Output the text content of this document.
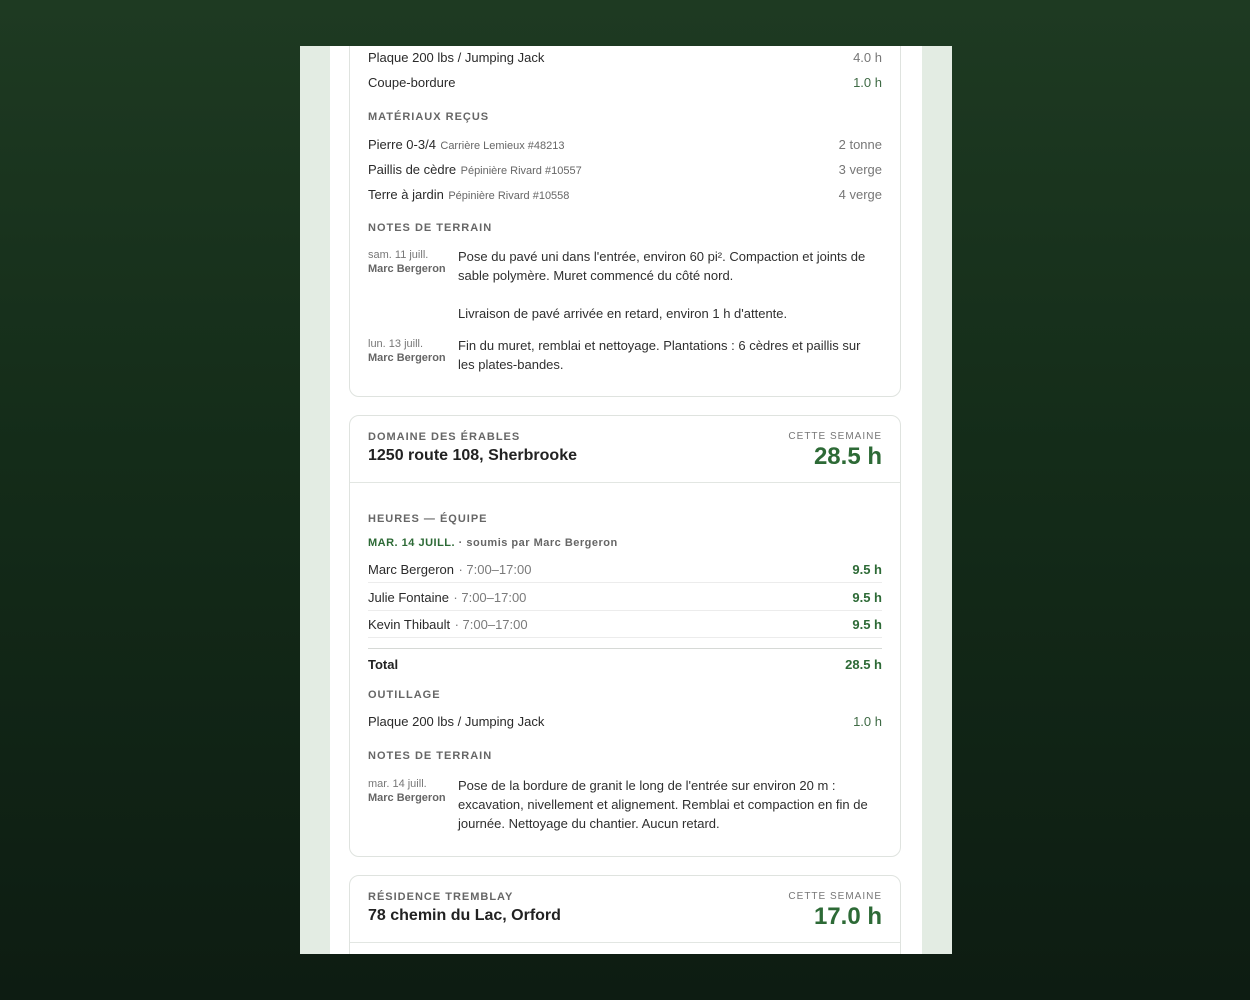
Plaque 200 lbs / Jumping Jack	4.0 h
Coupe-bordure	1.0 h
MATÉRIAUX REÇUS
Pierre 0-3/4 Carrière Lemieux #48213	2 tonne
Paillis de cèdre Pépinière Rivard #10557	3 verge
Terre à jardin Pépinière Rivard #10558	4 verge
NOTES DE TERRAIN
sam. 11 juill.
Marc Bergeron
Pose du pavé uni dans l'entrée, environ 60 pi². Compaction et joints de sable polymère. Muret commencé du côté nord.
Livraison de pavé arrivée en retard, environ 1 h d'attente.
lun. 13 juill.
Marc Bergeron
Fin du muret, remblai et nettoyage. Plantations : 6 cèdres et paillis sur les plates-bandes.
DOMAINE DES ÉRABLES
1250 route 108, Sherbrooke
CETTE SEMAINE
28.5 h
HEURES — ÉQUIPE
MAR. 14 JUILL. · soumis par Marc Bergeron
Marc Bergeron · 7:00–17:00	9.5 h
Julie Fontaine · 7:00–17:00	9.5 h
Kevin Thibault · 7:00–17:00	9.5 h
Total	28.5 h
OUTILLAGE
Plaque 200 lbs / Jumping Jack	1.0 h
NOTES DE TERRAIN
mar. 14 juill.
Marc Bergeron
Pose de la bordure de granit le long de l'entrée sur environ 20 m : excavation, nivellement et alignement. Remblai et compaction en fin de journée. Nettoyage du chantier. Aucun retard.
RÉSIDENCE TREMBLAY
78 chemin du Lac, Orford
CETTE SEMAINE
17.0 h
